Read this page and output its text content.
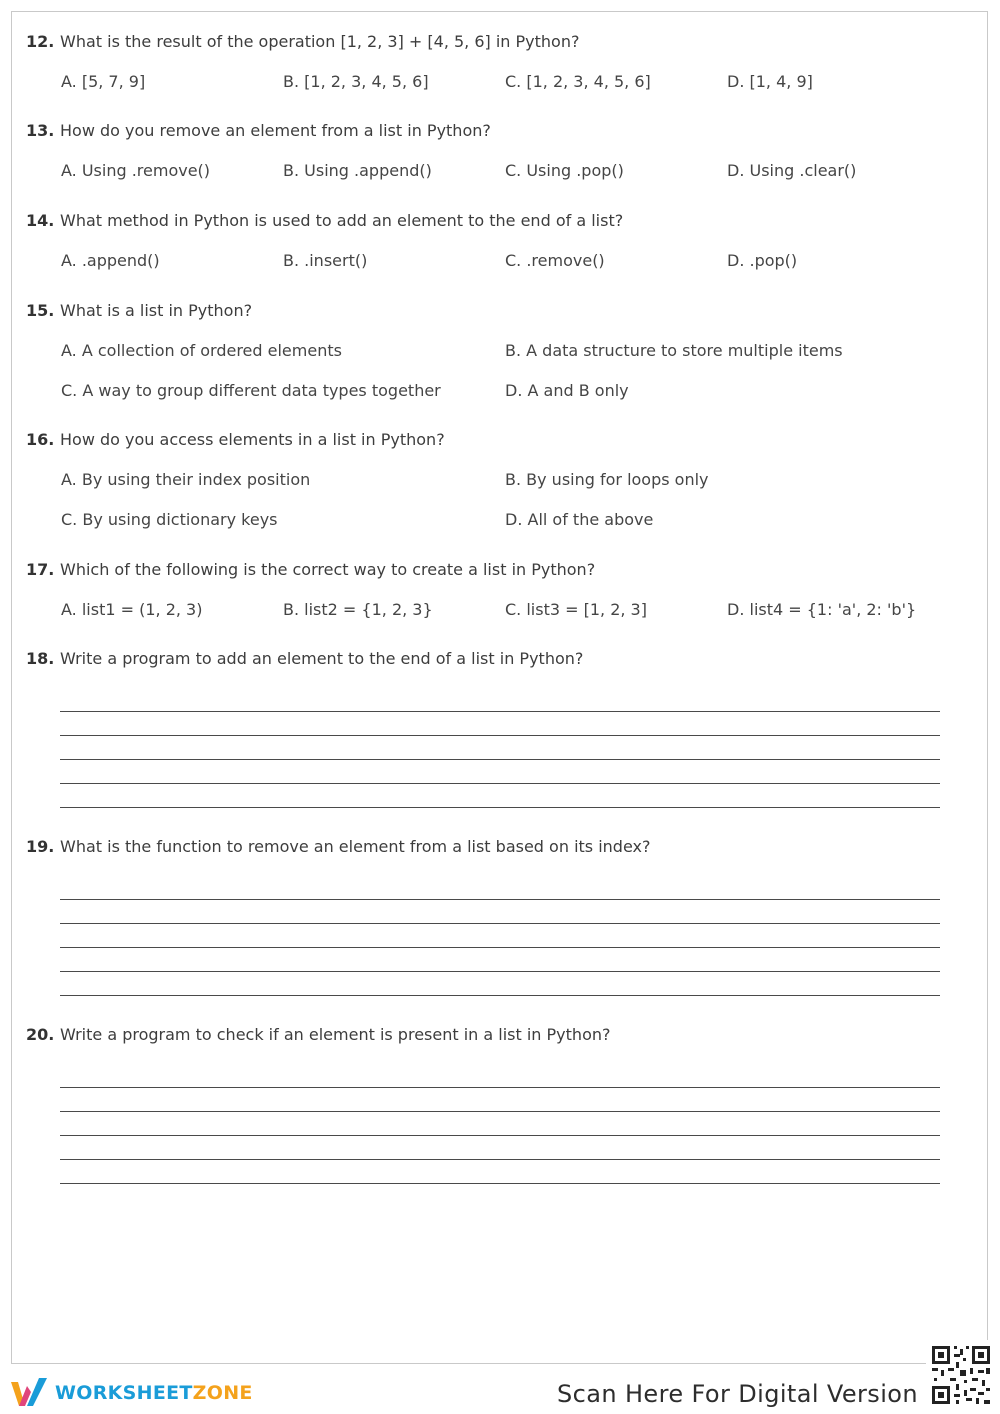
12. What is the result of the operation [1, 2, 3] + [4, 5, 6] in Python?
A. [5, 7, 9]	B. [1, 2, 3, 4, 5, 6]	C. [1, 2, 3, 4, 5, 6]	D. [1, 4, 9]
13. How do you remove an element from a list in Python?
A. Using .remove()	B. Using .append()	C. Using .pop()	D. Using .clear()
14. What method in Python is used to add an element to the end of a list?
A. .append()	B. .insert()	C. .remove()	D. .pop()
15. What is a list in Python?
A. A collection of ordered elements	B. A data structure to store multiple items
C. A way to group different data types together	D. A and B only
16. How do you access elements in a list in Python?
A. By using their index position	B. By using for loops only
C. By using dictionary keys	D. All of the above
17. Which of the following is the correct way to create a list in Python?
A. list1 = (1, 2, 3)	B. list2 = {1, 2, 3}	C. list3 = [1, 2, 3]	D. list4 = {1: 'a', 2: 'b'}
18. Write a program to add an element to the end of a list in Python?
19. What is the function to remove an element from a list based on its index?
20. Write a program to check if an element is present in a list in Python?
WORKSHEETZONE	Scan Here For Digital Version
